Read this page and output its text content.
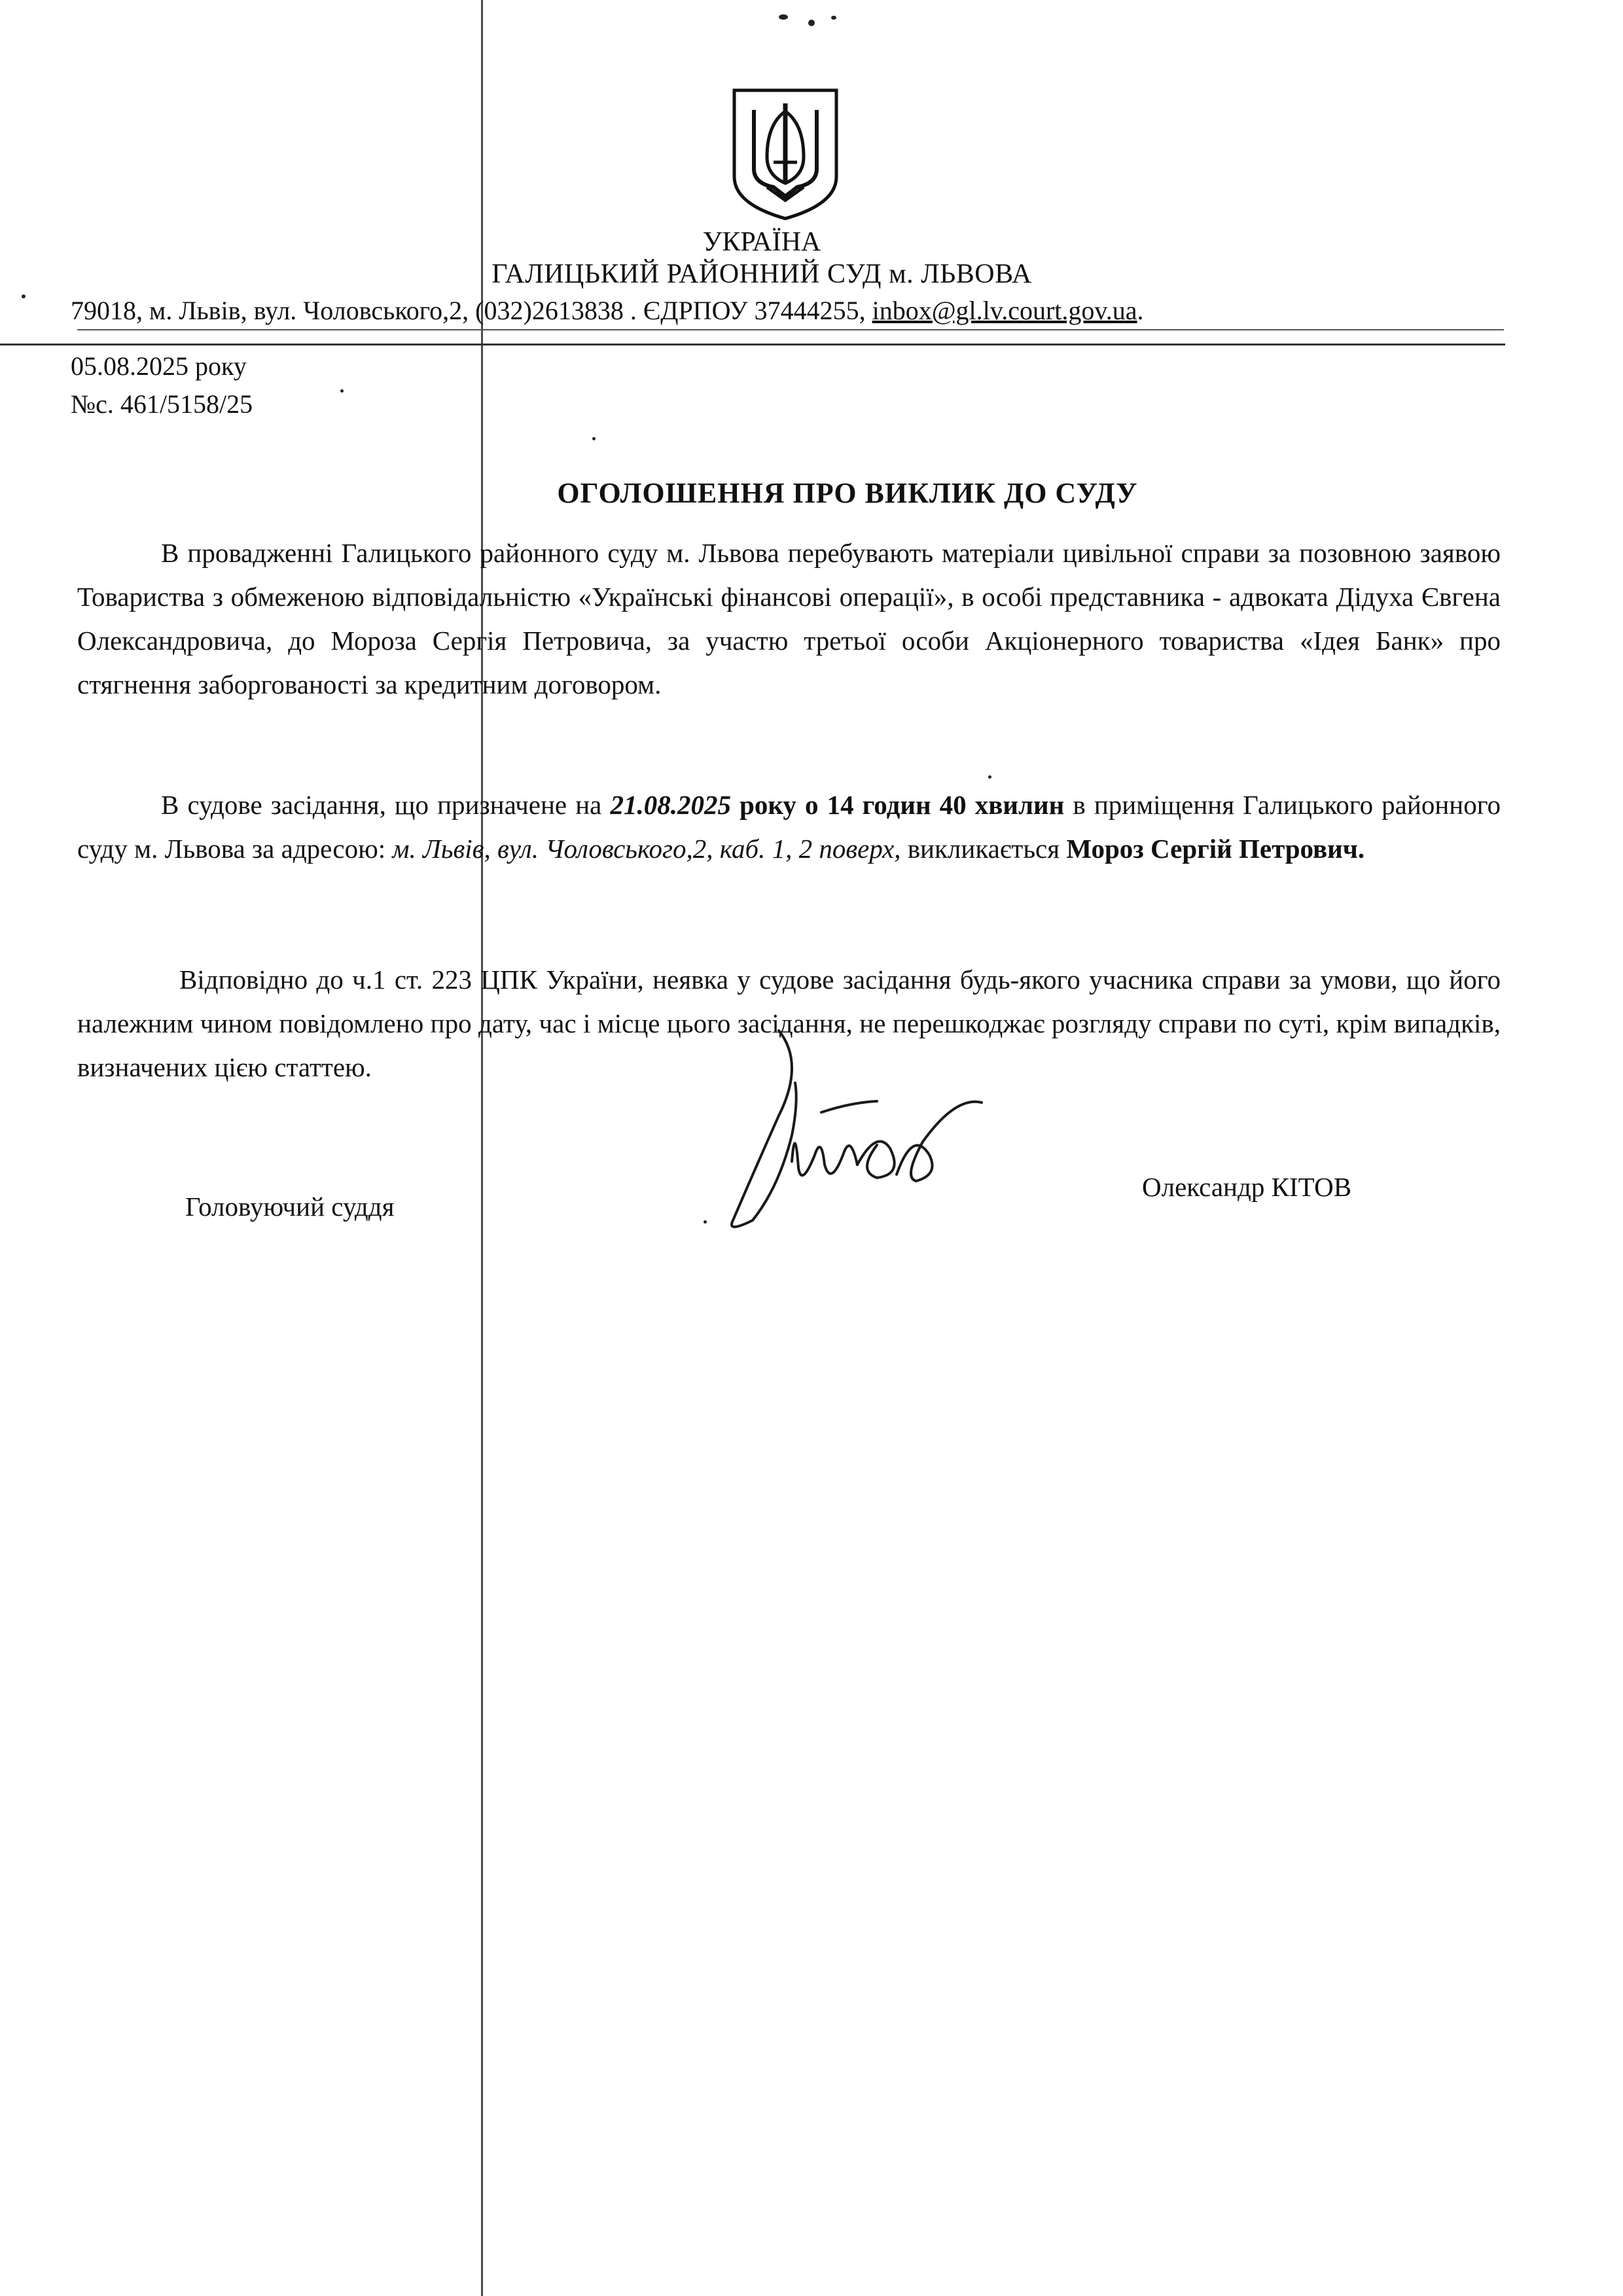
УКРАЇНА
ГАЛИЦЬКИЙ РАЙОННИЙ СУД м. ЛЬВОВА
79018, м. Львів, вул. Чоловського,2, (032)2613838 . ЄДРПОУ 37444255, inbox@gl.lv.court.gov.ua.
05.08.2025 року
№с. 461/5158/25
ОГОЛОШЕННЯ ПРО ВИКЛИК ДО СУДУ

В провадженні Галицького районного суду м. Львова перебувають матеріали цивільної справи за позовною заявою Товариства з обмеженою відповідальністю «Українські фінансові операції», в особі представника - адвоката Дідуха Євгена Олександровича, до Мороза Сергія Петровича, за участю третьої особи Акціонерного товариства «Ідея Банк» про стягнення заборгованості за кредитним договором.

В судове засідання, що призначене на 21.08.2025 року о 14 годин 40 хвилин в приміщення Галицького районного суду м. Львова за адресою: м. Львів, вул. Чоловського,2, каб. 1, 2 поверх, викликається Мороз Сергій Петрович.

Відповідно до ч.1 ст. 223 ЦПК України, неявка у судове засідання будь-якого учасника справи за умови, що його належним чином повідомлено про дату, час і місце цього засідання, не перешкоджає розгляду справи по суті, крім випадків, визначених цією статтею.

Головуючий суддя
Олександр КІТОВ
